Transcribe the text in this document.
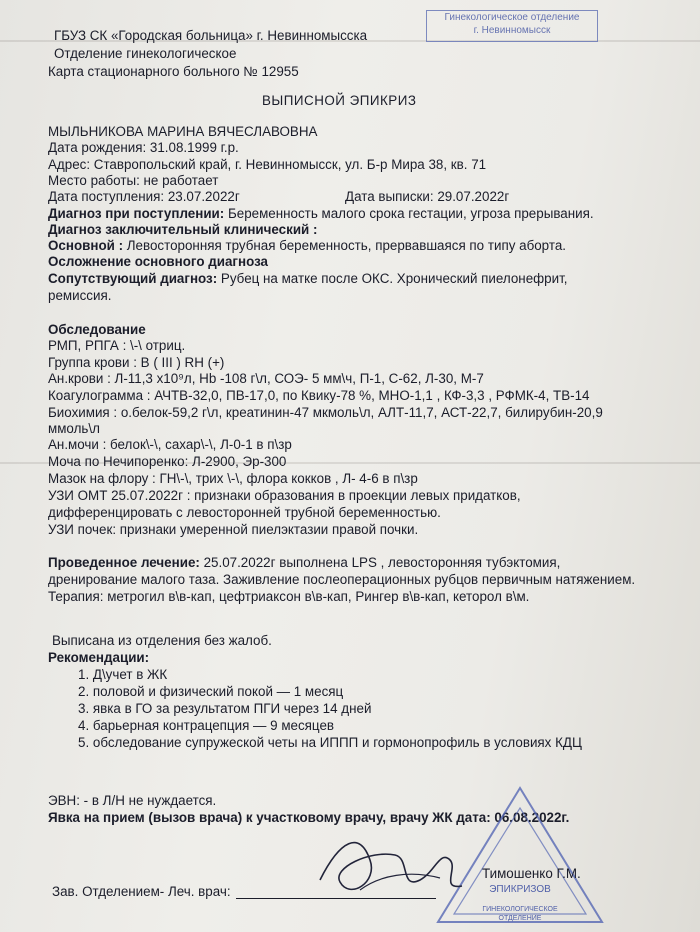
Гинекологическое отделение
г. Невинномысск
ГБУЗ СК «Городская больница» г. Невинномысска
Отделение гинекологическое
Карта стационарного больного № 12955
ВЫПИСНОЙ ЭПИКРИЗ
МЫЛЬНИКОВА МАРИНА ВЯЧЕСЛАВОВНА
Дата рождения: 31.08.1999 г.р.
Адрес: Ставропольский край, г. Невинномысск, ул. Б-р Мира 38, кв. 71
Место работы: не работает
Дата поступления: 23.07.2022г	Дата выписки: 29.07.2022г
Диагноз при поступлении: Беременность малого срока гестации, угроза прерывания.
Диагноз заключительный клинический :
Основной : Левосторонняя трубная беременность, прервавшаяся по типу аборта.
Осложнение основного диагноза
Сопутствующий диагноз: Рубец на матке после ОКС. Хронический пиелонефрит,
ремиссия.
Обследование
РМП, РПГА : \-\ отриц.
Группа крови : В ( III ) RH (+)
Ан.крови : Л-11,3 х10⁹л, Hb -108 г\л, СОЭ- 5 мм\ч, П-1, С-62, Л-30, М-7
Коагулограмма : АЧТВ-32,0, ПВ-17,0, по Квику-78 %, МНО-1,1 , КФ-3,3 , РФМК-4, ТВ-14
Биохимия : о.белок-59,2 г\л, креатинин-47 мкмоль\л, АЛТ-11,7, АСТ-22,7, билирубин-20,9
ммоль\л
Ан.мочи : белок\-\, сахар\-\, Л-0-1 в п\зр
Моча по Нечипоренко: Л-2900, Эр-300
Мазок на флору : ГН\-\, трих \-\, флора кокков , Л- 4-6 в п\зр
УЗИ ОМТ 25.07.2022г : признаки образования в проекции левых придатков,
дифференцировать с левосторонней трубной беременностью.
УЗИ почек: признаки умеренной пиелэктазии правой почки.
Проведенное лечение: 25.07.2022г выполнена LPS , левосторонняя тубэктомия,
дренирование малого таза. Заживление послеоперационных рубцов первичным натяжением.
Терапия: метрогил в\в-кап, цефтриаксон в\в-кап, Рингер в\в-кап, кеторол в\м.
Выписана из отделения без жалоб.
Рекомендации:
1. Д\учет в ЖК
2. половой и физический покой — 1 месяц
3. явка в ГО за результатом ПГИ через 14 дней
4. барьерная контрацепция — 9 месяцев
5. обследование супружеской четы на ИППП и гормонопрофиль в условиях КДЦ
ЭВН: - в Л/Н не нуждается.
Явка на прием (вызов врача) к участковому врачу, врачу ЖК дата: 06.08.2022г.
ЭПИКРИЗОВ
ГИНЕКОЛОГИЧЕСКОЕ
ОТДЕЛЕНИЕ
Тимошенко Г.М.
Зав. Отделением- Леч. врач:
